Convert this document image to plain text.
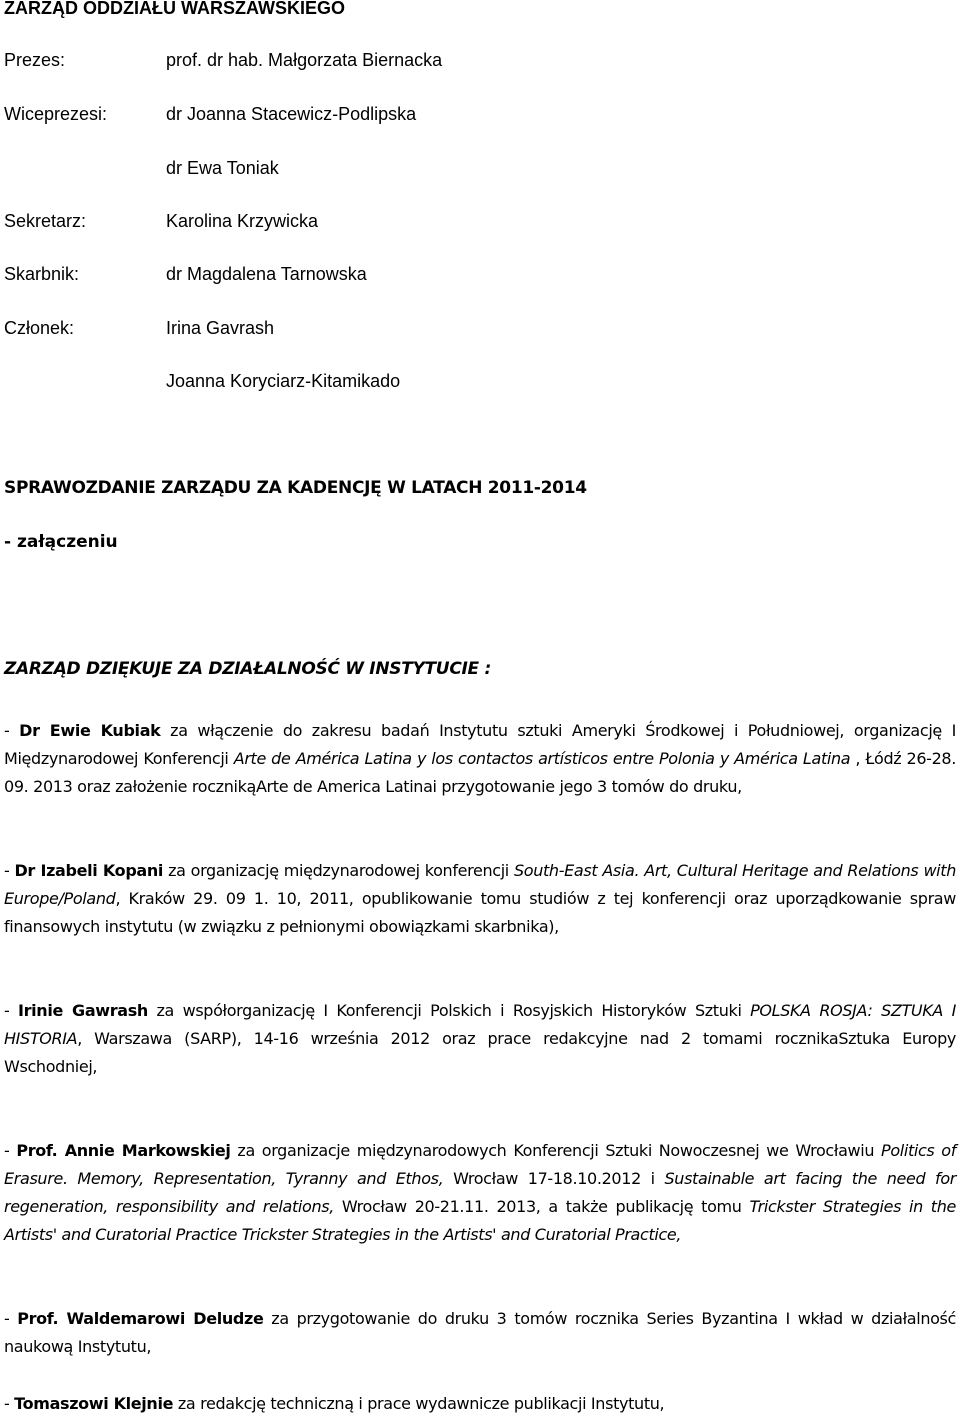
ZARZĄD ODDZIAŁU WARSZAWSKIEGO
Prezes:	prof. dr hab. Małgorzata Biernacka
Wiceprezesi:	dr Joanna Stacewicz-Podlipska
dr Ewa Toniak
Sekretarz:	Karolina Krzywicka
Skarbnik:	dr Magdalena Tarnowska
Członek:	Irina Gavrash
Joanna Koryciarz-Kitamikado
SPRAWOZDANIE ZARZĄDU ZA KADENCJĘ W LATACH 2011-2014
- załączeniu
ZARZĄD DZIĘKUJE ZA DZIAŁALNOŚĆ W INSTYTUCIE :

- Dr Ewie Kubiak za włączenie do zakresu badań Instytutu sztuki Ameryki Środkowej i Południowej, organizację I Międzynarodowej Konferencji Arte de América Latina y los contactos artísticos entre Polonia y América Latina , Łódź 26-28. 09. 2013 oraz założenie rocznikąArte de America Latinai przygotowanie jego 3 tomów do druku,

- Dr Izabeli Kopani za organizację międzynarodowej konferencji South-East Asia. Art, Cultural Heritage and Relations with Europe/Poland, Kraków 29. 09 1. 10, 2011, opublikowanie tomu studiów z tej konferencji oraz uporządkowanie spraw finansowych instytutu (w związku z pełnionymi obowiązkami skarbnika),

- Irinie Gawrash za współorganizację I Konferencji Polskich i Rosyjskich Historyków Sztuki POLSKA ROSJA: SZTUKA I HISTORIA, Warszawa (SARP), 14-16 września 2012 oraz prace redakcyjne nad 2 tomami rocznikaSztuka Europy Wschodniej,

- Prof. Annie Markowskiej za organizacje międzynarodowych Konferencji Sztuki Nowoczesnej we Wrocławiu Politics of Erasure. Memory, Representation, Tyranny and Ethos, Wrocław 17-18.10.2012 i Sustainable art facing the need for regeneration, responsibility and relations, Wrocław 20-21.11. 2013, a także publikację tomu Trickster Strategies in the Artists' and Curatorial Practice Trickster Strategies in the Artists' and Curatorial Practice,

- Prof. Waldemarowi Deludze za przygotowanie do druku 3 tomów rocznika Series Byzantina I wkład w działalność naukową Instytutu,

- Tomaszowi Klejnie za redakcję techniczną i prace wydawnicze publikacji Instytutu,
